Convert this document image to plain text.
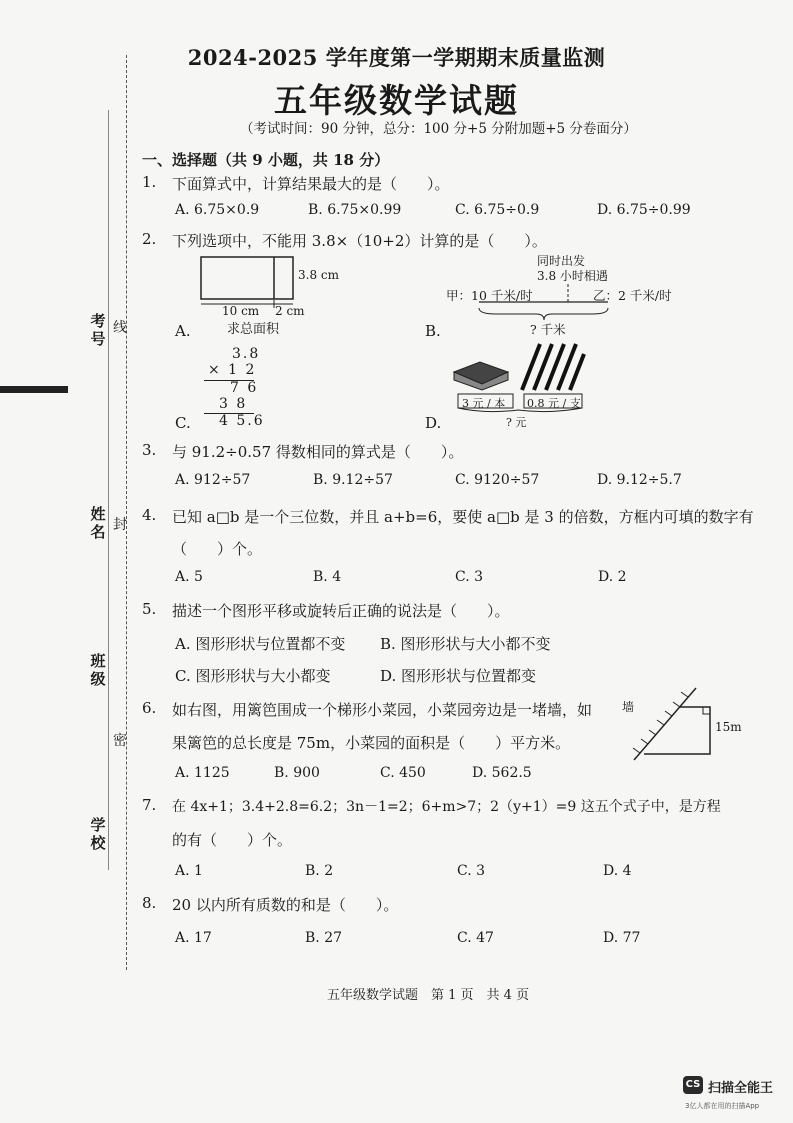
考号
线
姓名 封
班级
密
学校
2024-2025 学年度第一学期期末质量监测
五年级数学试题
（考试时间：90 分钟，总分：100 分+5 分附加题+5 分卷面分）
一、选择题（共 9 小题，共 18 分）
1. 下面算式中，计算结果最大的是（　　）。
A. 6.75×0.9	B. 6.75×0.99	C. 6.75÷0.9	D. 6.75÷0.99
2. 下列选项中，不能用 3.8×（10+2）计算的是（　　）。
3.8 cm
10 cm 2 cm
A.	求总面积
同时出发
3.8 小时相遇
甲：10 千米/时	乙：2 千米/时
? 千米
B.
3.8
× 1 2
7 6
3 8
4 5.6
C.
3 元 / 本 0.8 元 / 支
? 元
D.
3. 与 91.2÷0.57 得数相同的算式是（　　）。
A. 912÷57	B. 9.12÷57	C. 9120÷57	D. 9.12÷5.7
4. 已知 a□b 是一个三位数，并且 a+b=6，要使 a□b 是 3 的倍数，方框内可填的数字有
（　　）个。
A. 5	B. 4	C. 3	D. 2
5. 描述一个图形平移或旋转后正确的说法是（　　）。
A. 图形形状与位置都不变 B. 图形形状与大小都不变
C. 图形形状与大小都变	D. 图形形状与位置都变
6. 如右图，用篱笆围成一个梯形小菜园，小菜园旁边是一堵墙，如
果篱笆的总长度是 75m，小菜园的面积是（　　）平方米。
墙
15m
A. 1125	B. 900	C. 450	D. 562.5
7. 在 4x+1；3.4+2.8=6.2；3n－1=2；6+m>7；2（y+1）=9 这五个式子中，是方程
的有（　　）个。
A. 1	B. 2	C. 3	D. 4
8. 20 以内所有质数的和是（　　）。
A. 17	B. 27	C. 47	D. 77
五年级数学试题　第 1 页　共 4 页
CS 扫描全能王
3亿人都在用的扫描App
